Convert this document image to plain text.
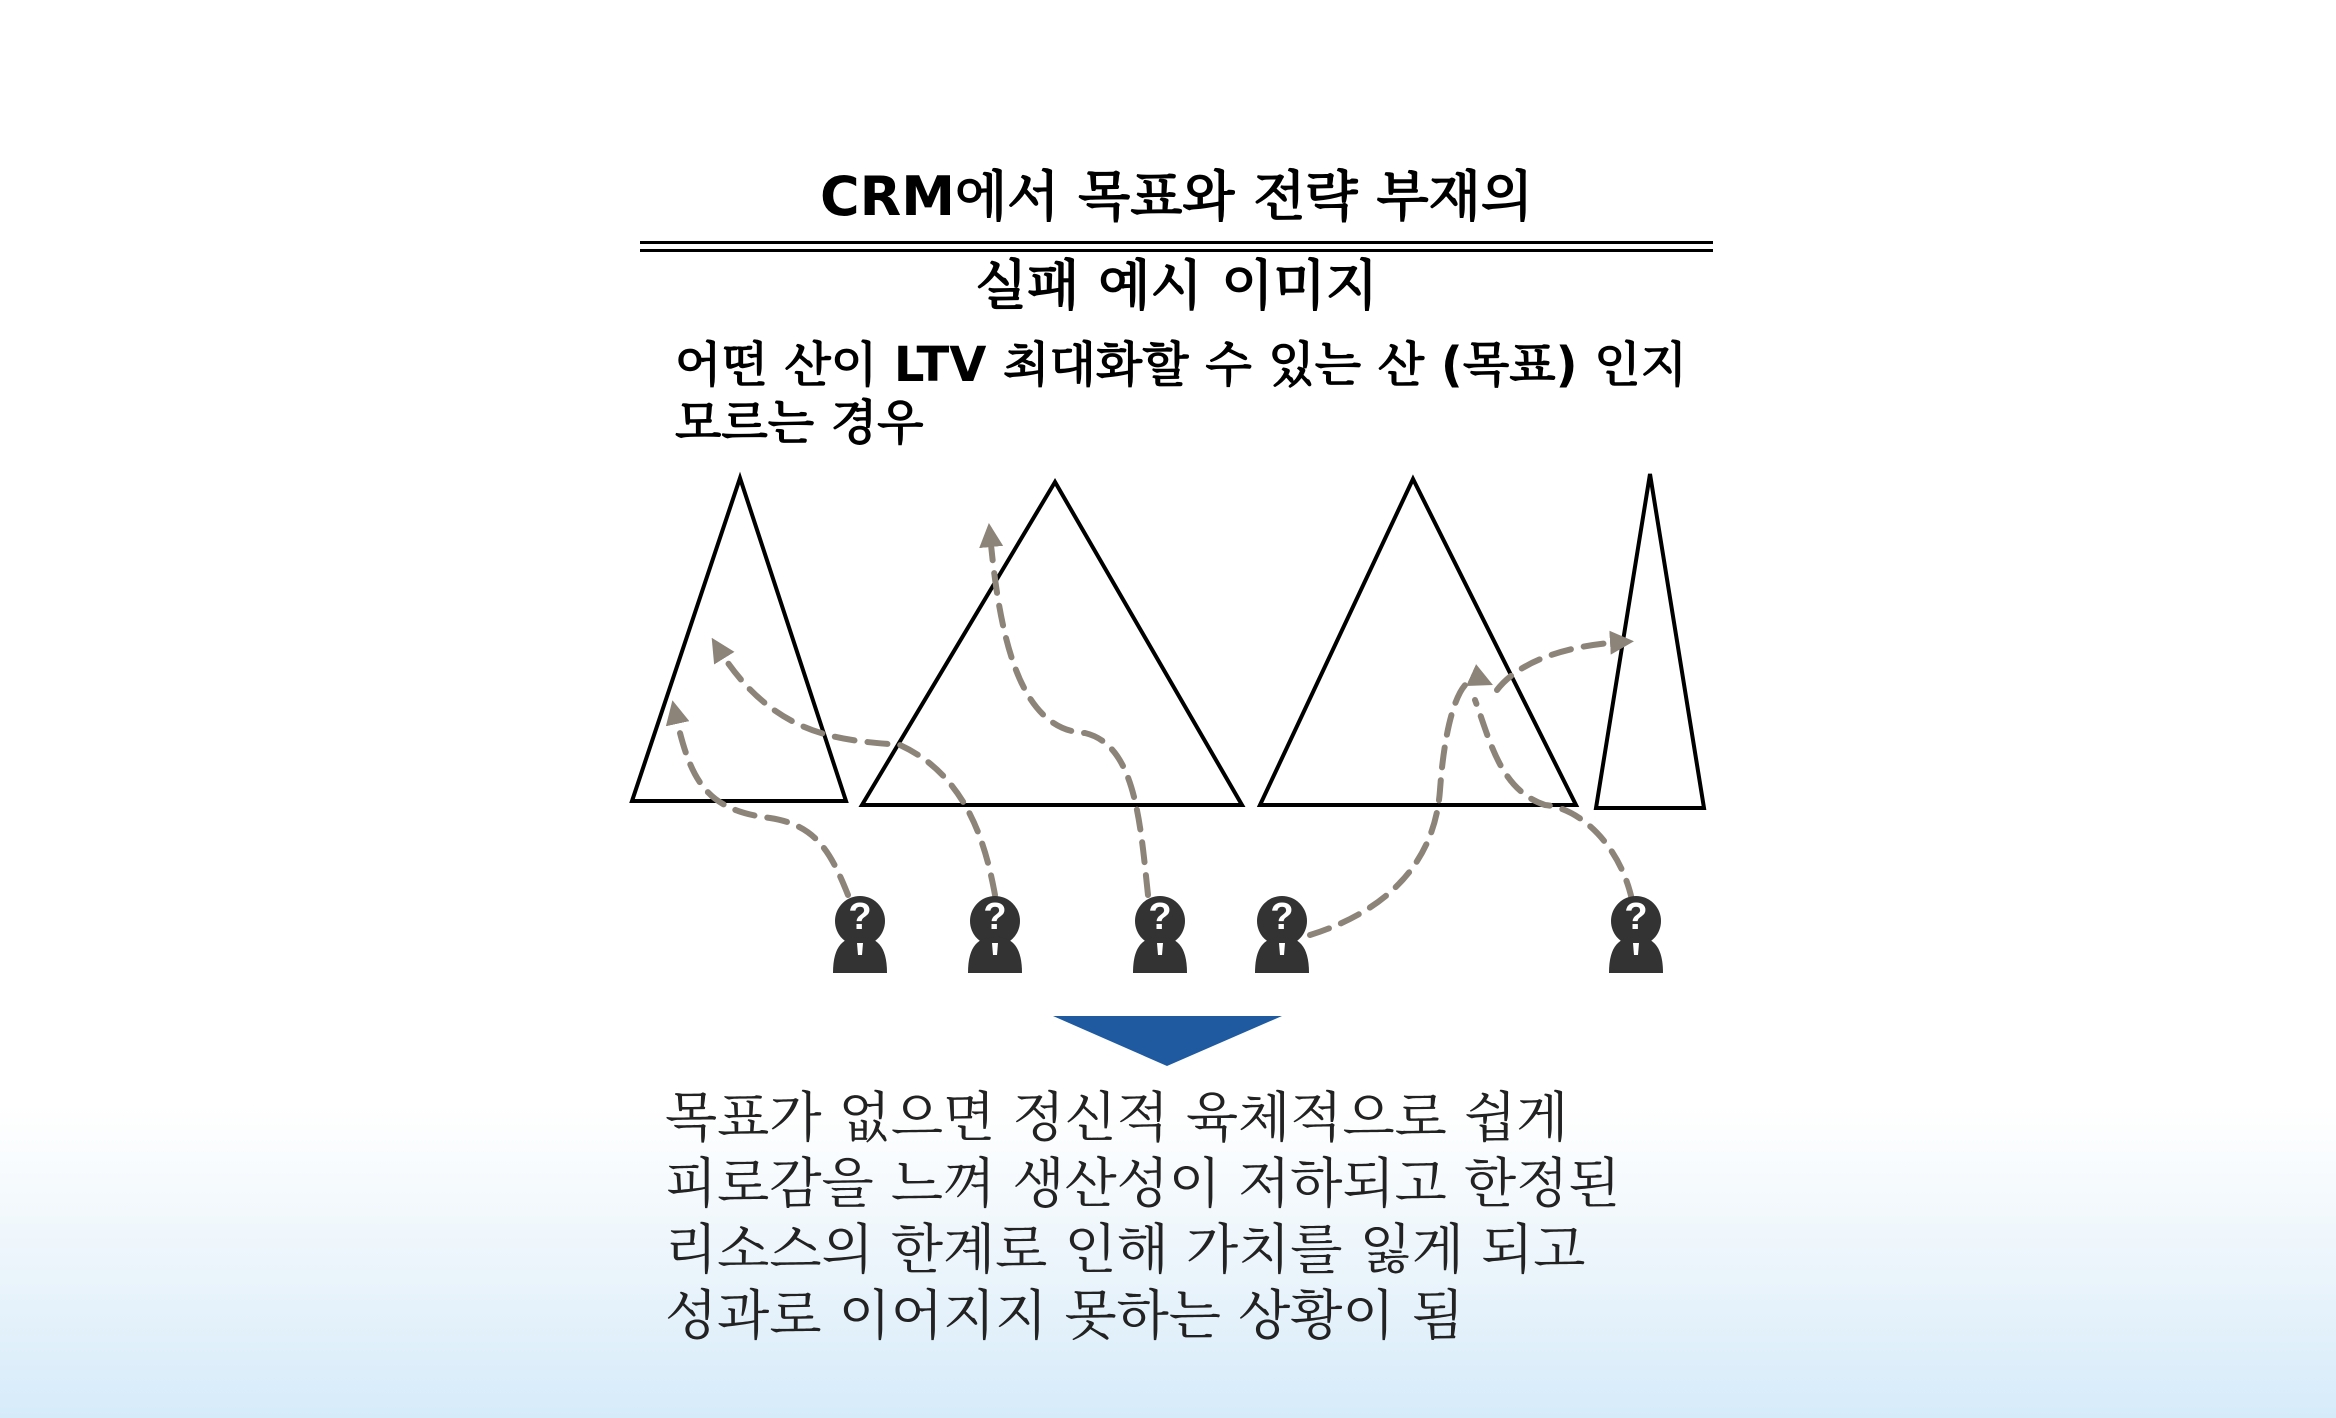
CRM에서 목표와 전략 부재의
실패 예시 이미지
어떤 산이 LTV 최대화할 수 있는 산 (목표) 인지
모르는 경우
?	?	?	?	?
목표가 없으면 정신적 육체적으로 쉽게
피로감을 느껴 생산성이 저하되고 한정된
리소스의 한계로 인해 가치를 잃게 되고
성과로 이어지지 못하는 상황이 됨
